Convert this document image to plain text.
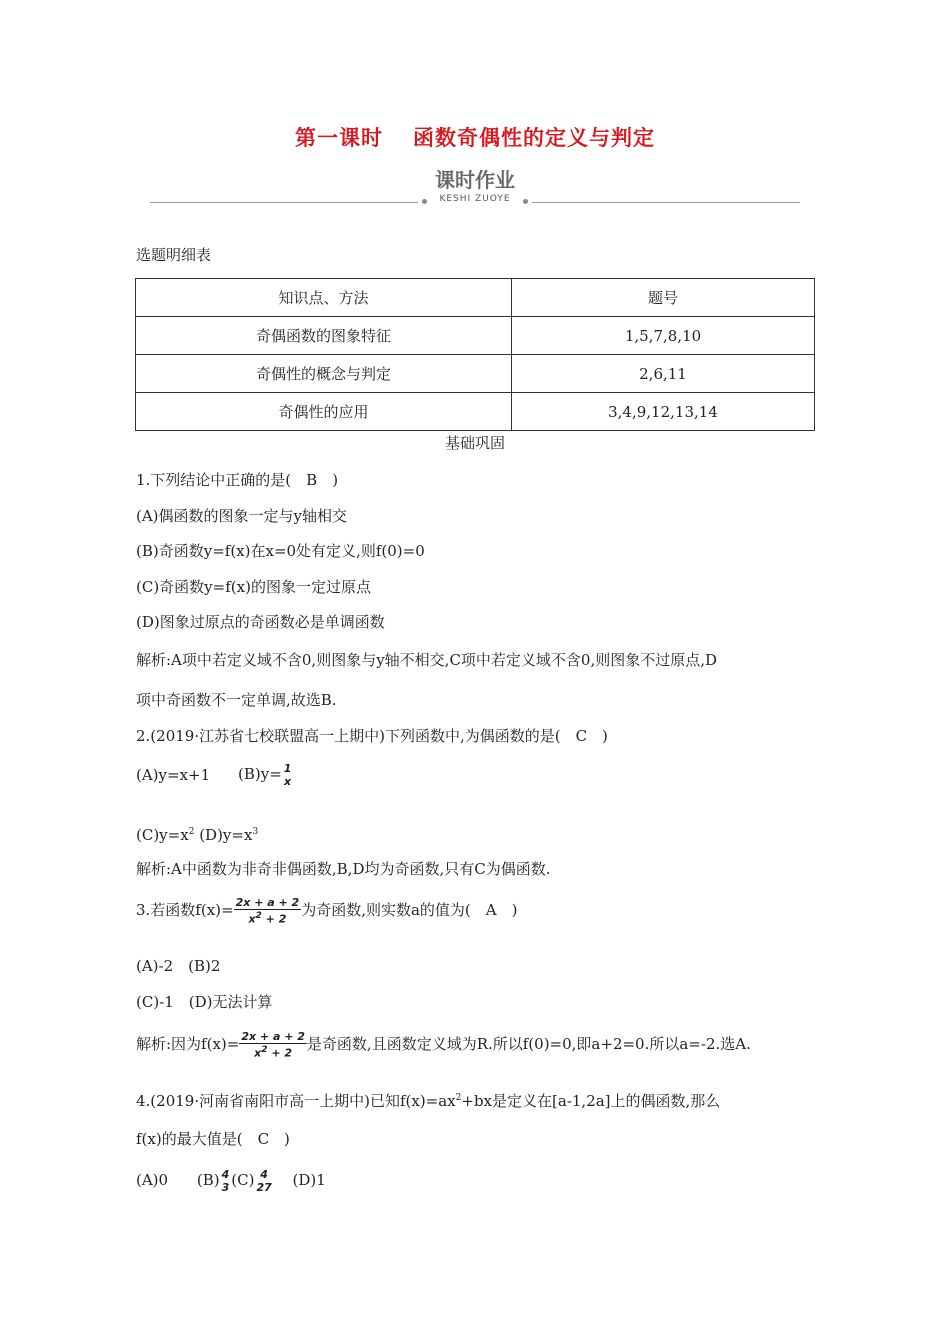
第一课时 函数奇偶性的定义与判定
课时作业
KESHI ZUOYE
选题明细表
知识点、方法	题号
奇偶函数的图象特征	1,5,7,8,10
奇偶性的概念与判定	2,6,11
奇偶性的应用	3,4,9,12,13,14
基础巩固
1.下列结论中正确的是(　B　)
(A)偶函数的图象一定与y轴相交
(B)奇函数y=f(x)在x=0处有定义,则f(0)=0
(C)奇函数y=f(x)的图象一定过原点
(D)图象过原点的奇函数必是单调函数
解析:A项中若定义域不含0,则图象与y轴不相交,C项中若定义域不含0,则图象不过原点,D
项中奇函数不一定单调,故选B.
2.(2019·江苏省七校联盟高一上期中)下列函数中,为偶函数的是(　C　)
(A)y=x+1 (B)y= 1
x
$(C)y=x^2$ $(D)y=x^3$
解析:A中函数为非奇非偶函数,B,D均为奇函数,只有C为偶函数.
3.若函数$f(x)= \frac{2x + a + 2}{x^2 + 2}$ 为奇函数,则实数a的值为(　A　)
(A)-2　(B)2
(C)-1　(D)无法计算
解析:因为$f(x)= \frac{2x + a + 2}{x^2 + 2}$ 是奇函数,且函数定义域为R.所以f(0)=0,即a+2=0.所以a=-2.选A.
4.(2019·河南省南阳市高一上期中)已知$f(x)=ax^2+bx$是定义在[a-1,2a]上的偶函数,那么
f(x)的最大值是(　C　)
(A)0 (B) 4
3 (C) 4
27 (D)1
